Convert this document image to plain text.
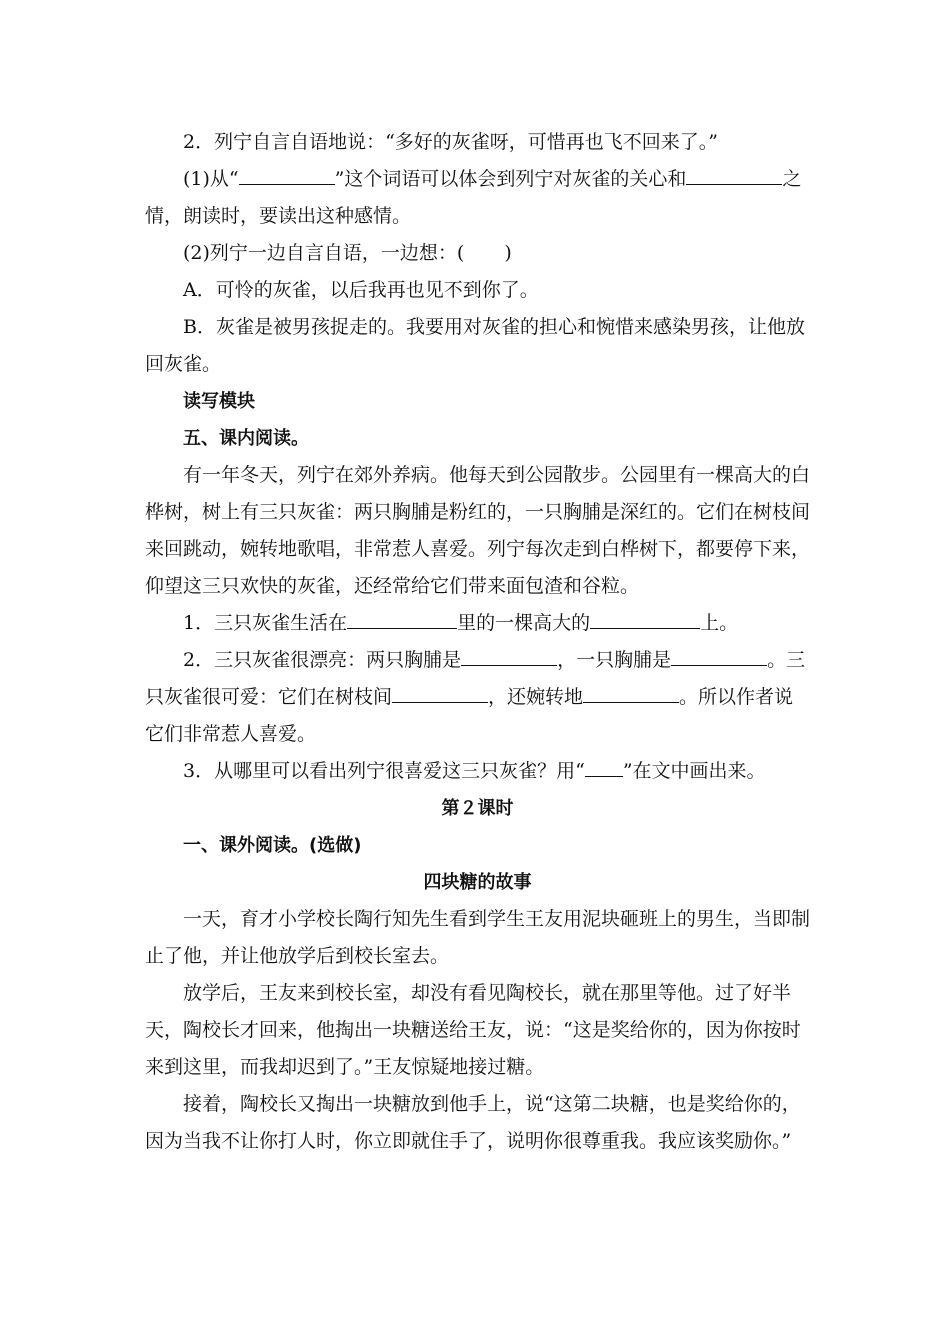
2．列宁自言自语地说：“多好的灰雀呀，可惜再也飞不回来了。”

(1)从“	”这个词语可以体会到列宁对灰雀的关心和	之情，朗读时，要读出这种感情。

(2)列宁一边自言自语，一边想：( )

A．可怜的灰雀，以后我再也见不到你了。

B．灰雀是被男孩捉走的。我要用对灰雀的担心和惋惜来感染男孩，让他放回灰雀。

读写模块

五、课内阅读。

有一年冬天，列宁在郊外养病。他每天到公园散步。公园里有一棵高大的白桦树，树上有三只灰雀：两只胸脯是粉红的，一只胸脯是深红的。它们在树枝间来回跳动，婉转地歌唱，非常惹人喜爱。列宁每次走到白桦树下，都要停下来，仰望这三只欢快的灰雀，还经常给它们带来面包渣和谷粒。

1．三只灰雀生活在	里的一棵高大的	上。

2．三只灰雀很漂亮：两只胸脯是	，一只胸脯是	。三只灰雀很可爱：它们在树枝间	，还婉转地	。所以作者说它们非常惹人喜爱。

3．从哪里可以看出列宁很喜爱这三只灰雀？用“ ”在文中画出来。

第２课时

一、课外阅读。(选做)

四块糖的故事

一天，育才小学校长陶行知先生看到学生王友用泥块砸班上的男生，当即制止了他，并让他放学后到校长室去。

放学后，王友来到校长室，却没有看见陶校长，就在那里等他。过了好半天，陶校长才回来，他掏出一块糖送给王友，说：“这是奖给你的，因为你按时来到这里，而我却迟到了。”王友惊疑地接过糖。

接着，陶校长又掏出一块糖放到他手上，说“这第二块糖，也是奖给你的，因为当我不让你打人时，你立即就住手了，说明你很尊重我。我应该奖励你。”
